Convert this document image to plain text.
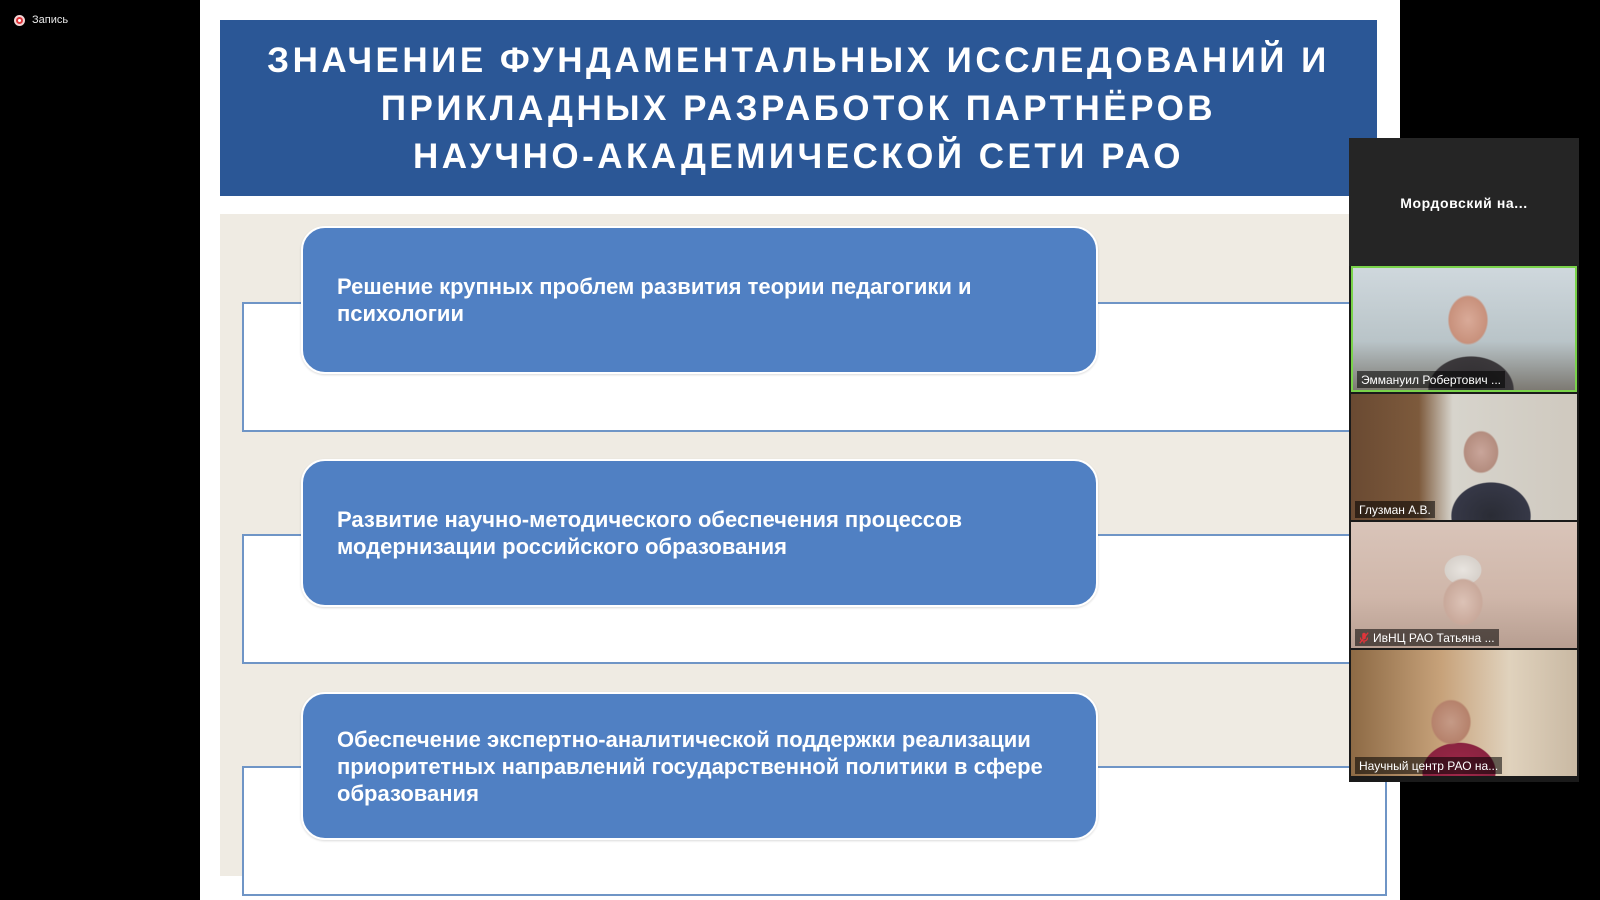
Запись
ЗНАЧЕНИЕ ФУНДАМЕНТАЛЬНЫХ ИССЛЕДОВАНИЙ И
ПРИКЛАДНЫХ РАЗРАБОТОК ПАРТНЁРОВ
НАУЧНО-АКАДЕМИЧЕСКОЙ СЕТИ РАО

Решение крупных проблем развития теории педагогики и психологии

Развитие научно-методического обеспечения процессов модернизации российского образования

Обеспечение экспертно-аналитической поддержки реализации приоритетных направлений государственной политики в сфере образования

Мордовский на...
Эммануил Робертович ...
Глузман А.В.
ИвНЦ РАО Татьяна ...
Научный центр РАО на...
